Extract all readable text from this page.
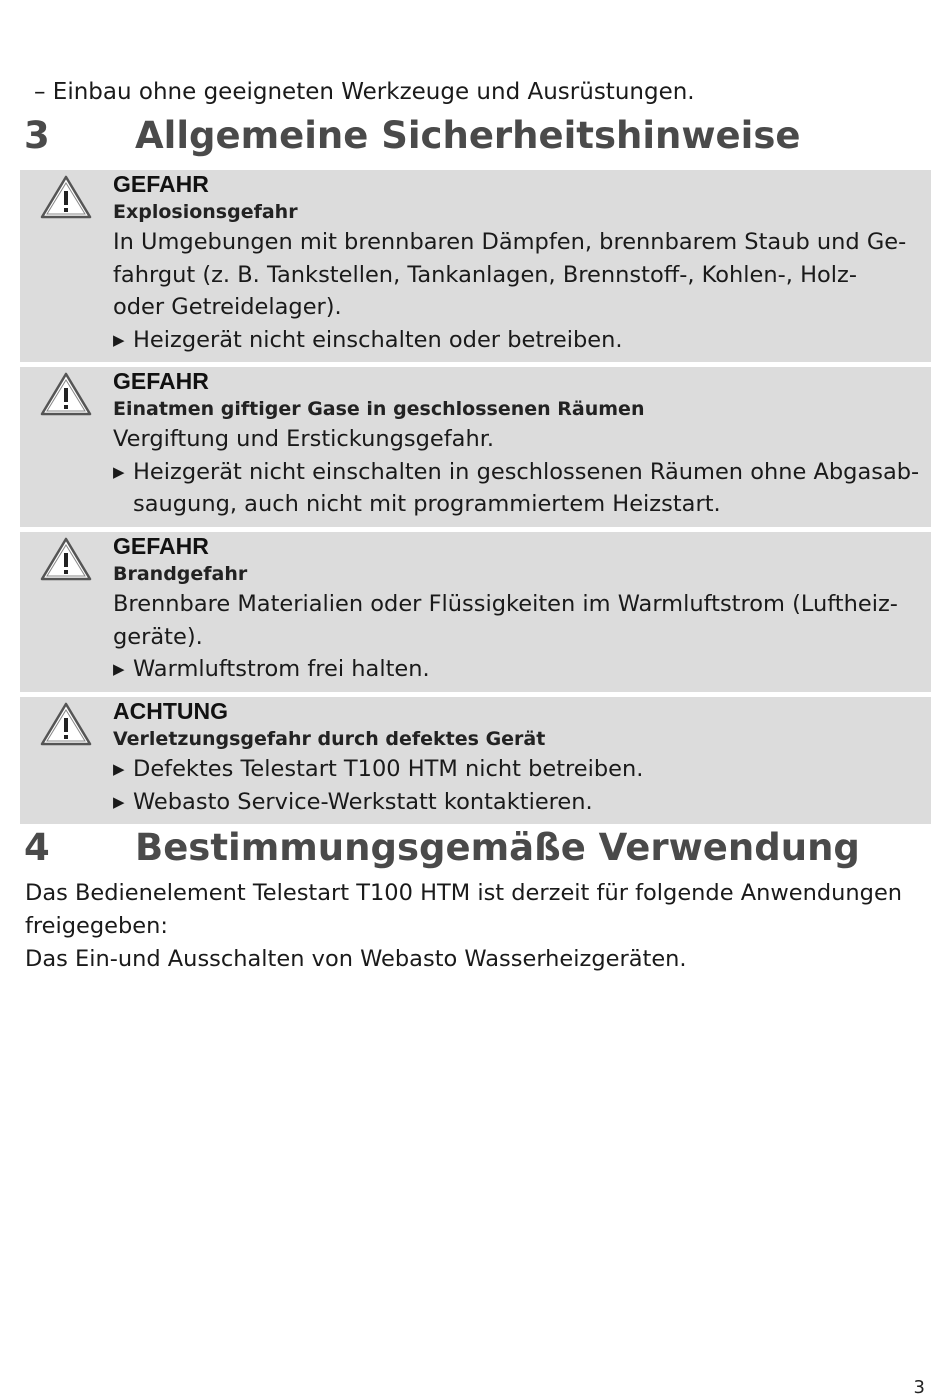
– Einbau ohne geeigneten Werkzeuge und Ausrüstungen.
3 Allgemeine Sicherheitshinweise
GEFAHR
Explosionsgefahr
In Umgebungen mit brennbaren Dämpfen, brennbarem Staub und Ge-
fahrgut (z. B. Tankstellen, Tankanlagen, Brennstoff-, Kohlen-, Holz-
oder Getreidelager).
▶ Heizgerät nicht einschalten oder betreiben.
GEFAHR
Einatmen giftiger Gase in geschlossenen Räumen
Vergiftung und Erstickungsgefahr.
▶ Heizgerät nicht einschalten in geschlossenen Räumen ohne Abgasab-
saugung, auch nicht mit programmiertem Heizstart.
GEFAHR
Brandgefahr
Brennbare Materialien oder Flüssigkeiten im Warmluftstrom (Luftheiz-
geräte).
▶ Warmluftstrom frei halten.
ACHTUNG
Verletzungsgefahr durch defektes Gerät
▶ Defektes Telestart T100 HTM nicht betreiben.
▶ Webasto Service-Werkstatt kontaktieren.
4 Bestimmungsgemäße Verwendung
Das Bedienelement Telestart T100 HTM ist derzeit für folgende Anwendungen
freigegeben:
Das Ein-und Ausschalten von Webasto Wasserheizgeräten.
3
